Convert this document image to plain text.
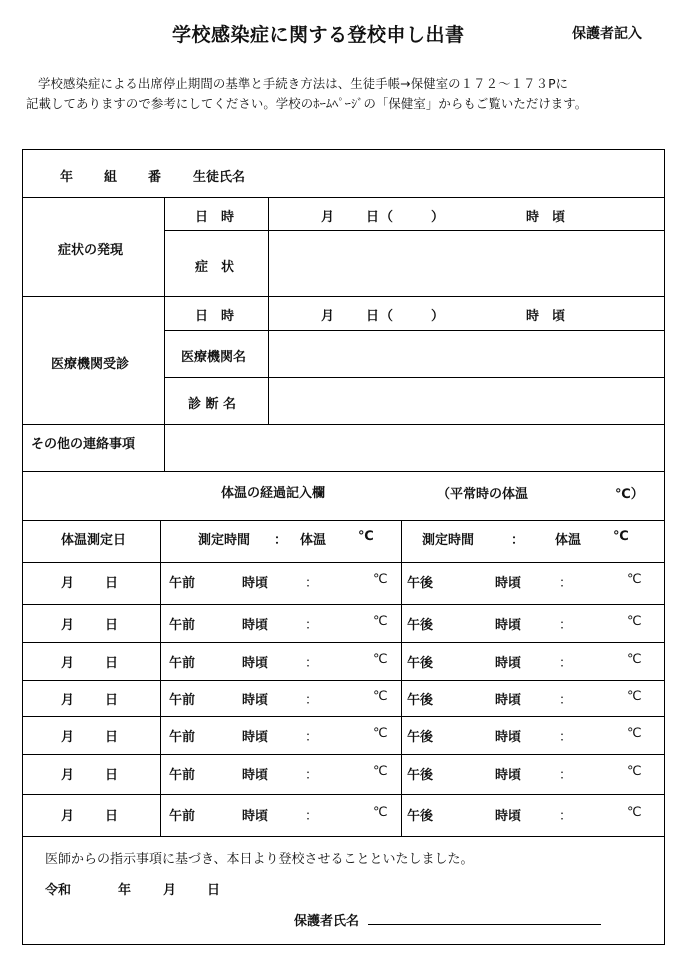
学校感染症に関する登校申し出書	保護者記入
学校感染症による出席停止期間の基準と手続き方法は、生徒手帳→保健室の１７２～１７３Pに
記載してありますので参考にしてください。学校のﾎｰﾑﾍﾟｰｼﾞの「保健室」からもご覧いただけます。
年 組 番 生徒氏名
症状の発現
日　時	月 日 （	）	時　頃
症　状
医療機関受診
日　時	月 日 （	）	時　頃
医療機関名
診 断 名
その他の連絡事項
体温の経過記入欄	（平常時の体温	℃）
体温測定日	測定時間 ： 体温 ℃	測定時間	： 体温 ℃
月 日	午前	時頃	：	℃ 午後	時頃	：	℃
月 日	午前	時頃	：	℃ 午後	時頃	：	℃
月 日	午前	時頃	：	℃ 午後	時頃	：	℃
月 日	午前	時頃	：	℃ 午後	時頃	：	℃
月 日	午前	時頃	：	℃ 午後	時頃	：	℃
月 日	午前	時頃	：	℃ 午後	時頃	：	℃
月 日	午前	時頃	：	℃ 午後	時頃	：	℃
医師からの指示事項に基づき、本日より登校させることといたしました。
令和	年 月 日
保護者氏名
